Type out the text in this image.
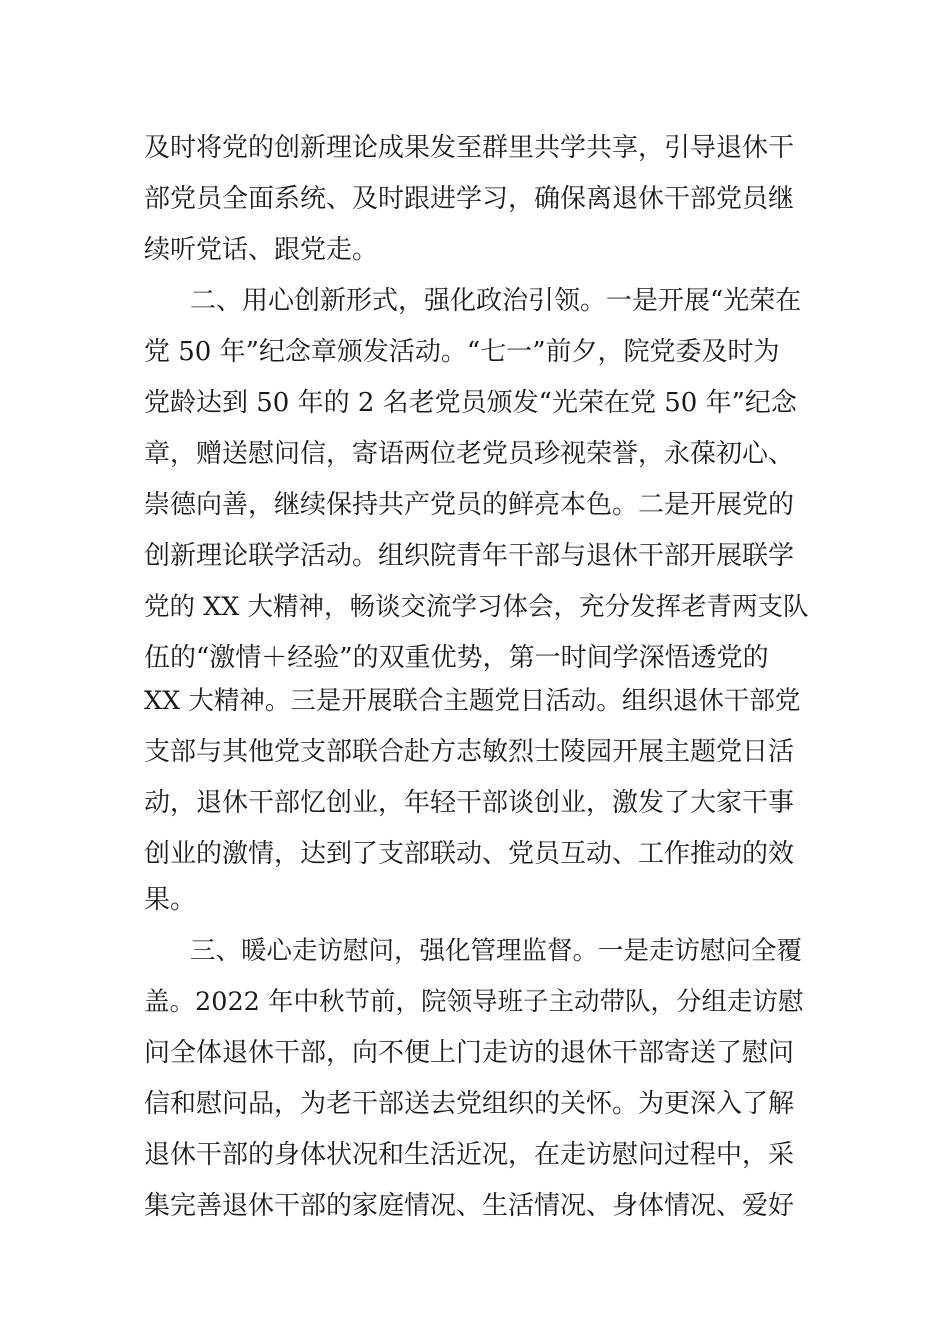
及时将党的创新理论成果发至群里共学共享，引导退休干
部党员全面系统、及时跟进学习，确保离退休干部党员继
续听党话、跟党走。
二、用心创新形式，强化政治引领。一是开展“光荣在
党 50 年”纪念章颁发活动。“七一”前夕，院党委及时为
党龄达到 50 年的 2 名老党员颁发“光荣在党 50 年”纪念
章，赠送慰问信，寄语两位老党员珍视荣誉，永葆初心、
崇德向善，继续保持共产党员的鲜亮本色。二是开展党的
创新理论联学活动。组织院青年干部与退休干部开展联学
党的 XX 大精神，畅谈交流学习体会，充分发挥老青两支队
伍的“激情＋经验”的双重优势，第一时间学深悟透党的
XX 大精神。三是开展联合主题党日活动。组织退休干部党
支部与其他党支部联合赴方志敏烈士陵园开展主题党日活
动，退休干部忆创业，年轻干部谈创业，激发了大家干事
创业的激情，达到了支部联动、党员互动、工作推动的效
果。
三、暖心走访慰问，强化管理监督。一是走访慰问全覆
盖。2022 年中秋节前，院领导班子主动带队，分组走访慰
问全体退休干部，向不便上门走访的退休干部寄送了慰问
信和慰问品，为老干部送去党组织的关怀。为更深入了解
退休干部的身体状况和生活近况，在走访慰问过程中，采
集完善退休干部的家庭情况、生活情况、身体情况、爱好
